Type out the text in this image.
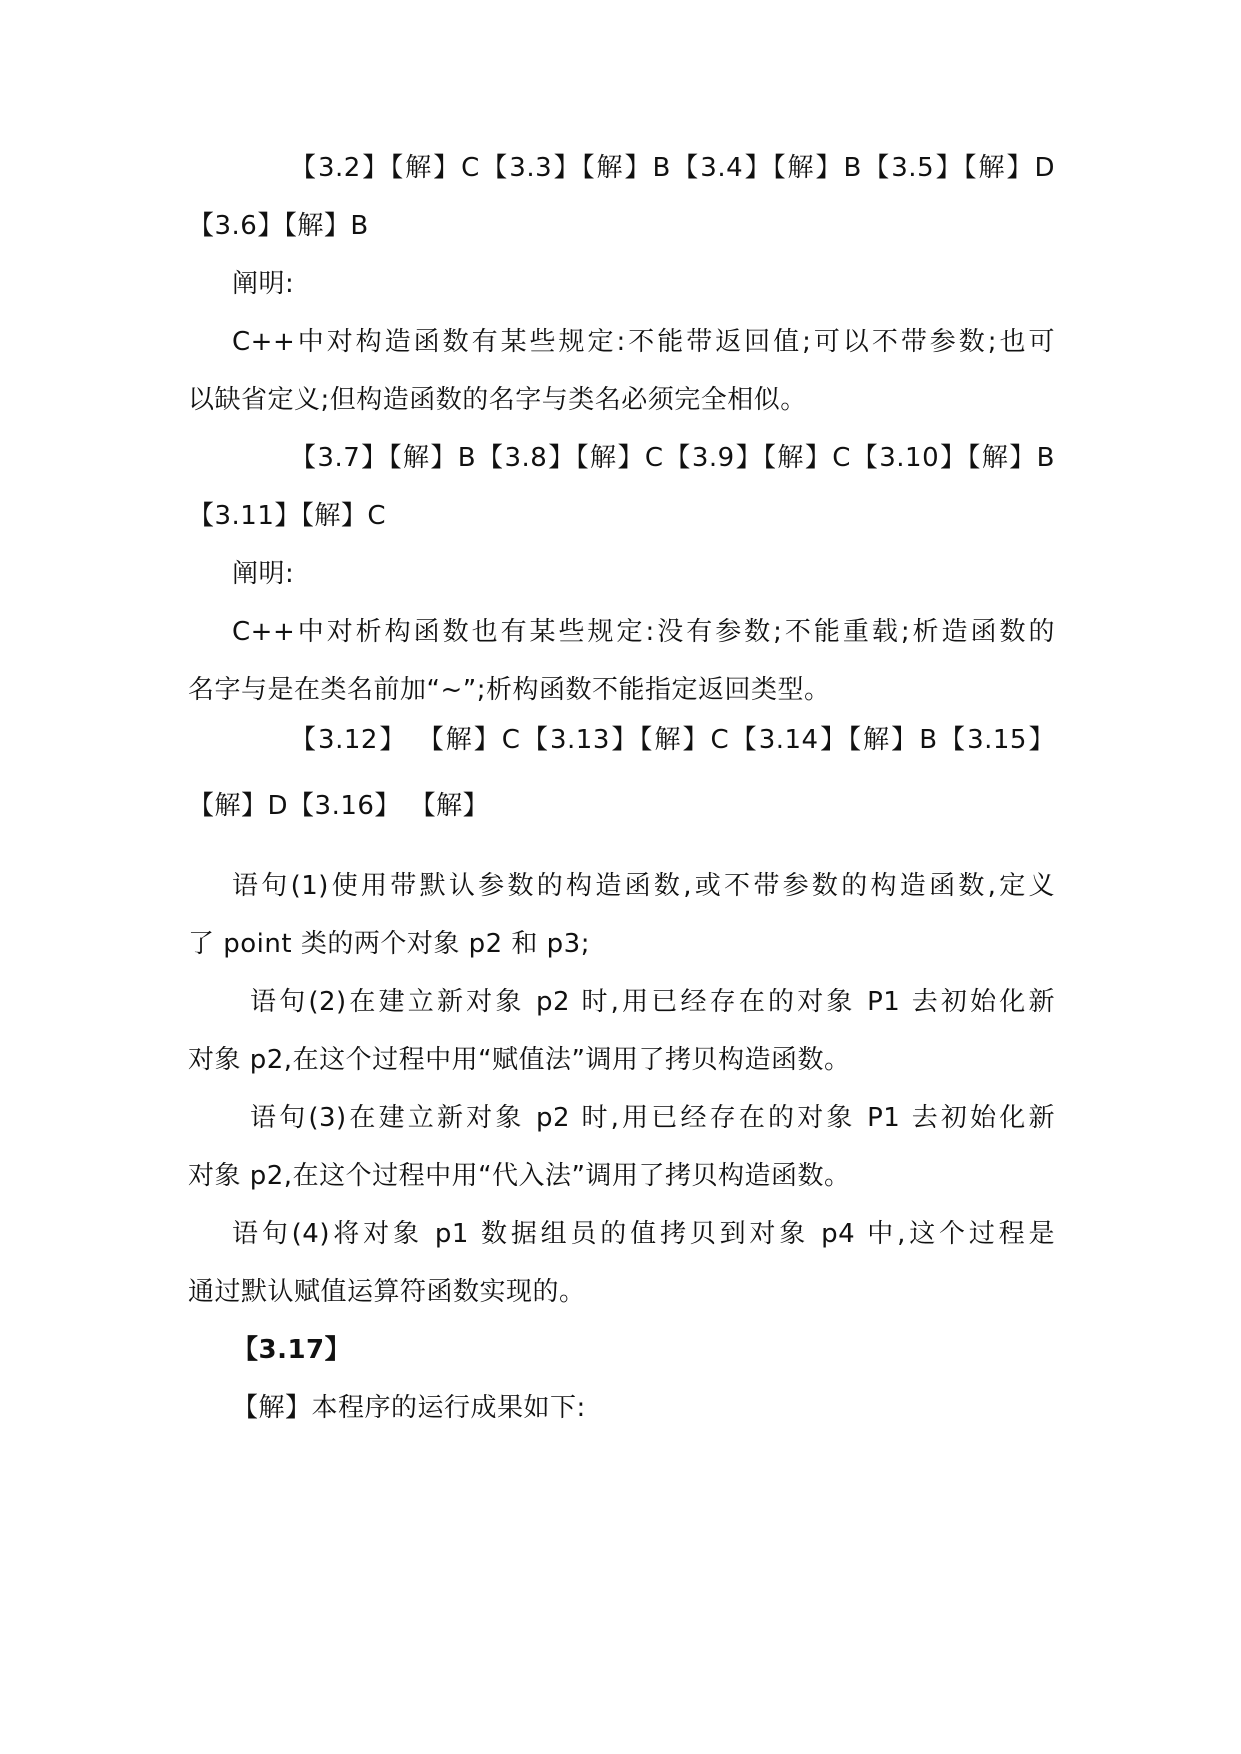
【3.2】【解】C【3.3】【解】B【3.4】【解】B【3.5】【解】D
【3.6】【解】B
阐明:
C++中对构造函数有某些规定:不能带返回值;可以不带参数;也可
以缺省定义;但构造函数的名字与类名必须完全相似。
【3.7】【解】B【3.8】【解】C【3.9】【解】C【3.10】【解】B
【3.11】【解】C
阐明:
C++中对析构函数也有某些规定:没有参数;不能重载;析造函数的
名字与是在类名前加“~”;析构函数不能指定返回类型。
【3.12】 【解】C【3.13】【解】C【3.14】【解】B【3.15】
【解】D【3.16】 【解】
语句(1)使用带默认参数的构造函数,或不带参数的构造函数,定义
了 point 类的两个对象 p2 和 p3;
语句(2)在建立新对象 p2 时,用已经存在的对象 P1 去初始化新
对象 p2,在这个过程中用“赋值法”调用了拷贝构造函数。
语句(3)在建立新对象 p2 时,用已经存在的对象 P1 去初始化新
对象 p2,在这个过程中用“代入法”调用了拷贝构造函数。
语句(4)将对象 p1 数据组员的值拷贝到对象 p4 中,这个过程是
通过默认赋值运算符函数实现的。
【3.17】
【解】本程序的运行成果如下:
